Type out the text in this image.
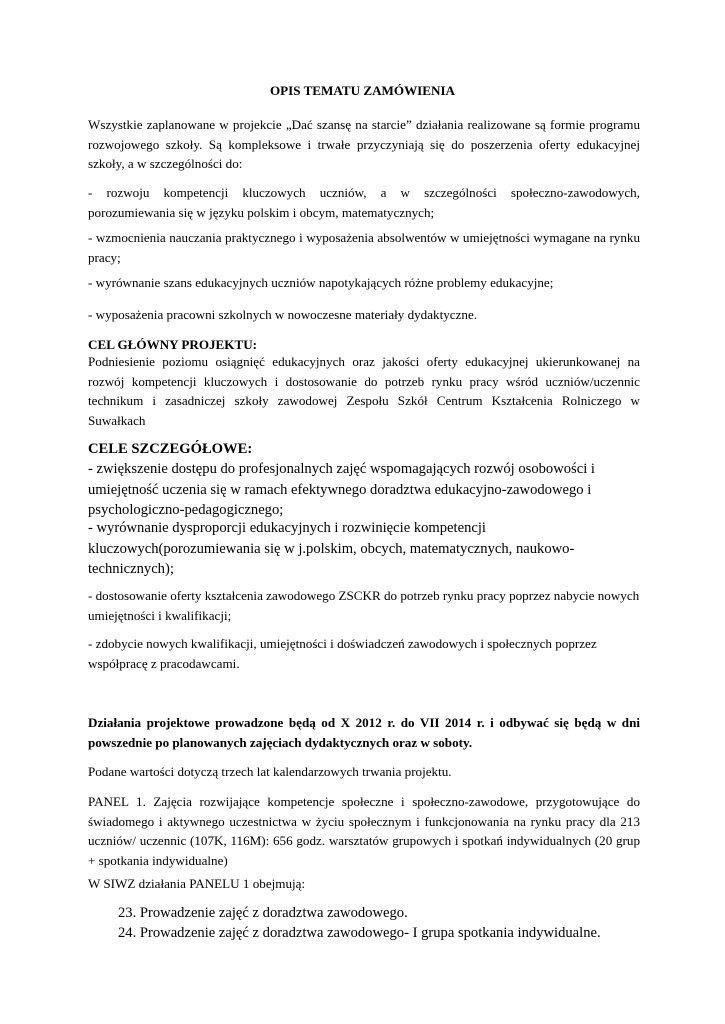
OPIS TEMATU ZAMÓWIENIA

Wszystkie zaplanowane w projekcie „Dać szansę na starcie” działania realizowane są formie programu rozwojowego szkoły. Są kompleksowe i trwałe przyczyniają się do poszerzenia oferty edukacyjnej szkoły, a w szczególności do:

- rozwoju kompetencji kluczowych uczniów, a w szczególności społeczno-zawodowych, porozumiewania się w języku polskim i obcym, matematycznych;

- wzmocnienia nauczania praktycznego i wyposażenia absolwentów w umiejętności wymagane na rynku pracy;

- wyrównanie szans edukacyjnych uczniów napotykających różne problemy edukacyjne;

- wyposażenia pracowni szkolnych w nowoczesne materiały dydaktyczne.

CEL GŁÓWNY PROJEKTU:

Podniesienie poziomu osiągnięć edukacyjnych oraz jakości oferty edukacyjnej ukierunkowanej na rozwój kompetencji kluczowych i dostosowanie do potrzeb rynku pracy wśród uczniów/uczennic technikum i zasadniczej szkoły zawodowej Zespołu Szkół Centrum Kształcenia Rolniczego w Suwałkach

CELE SZCZEGÓŁOWE:

- zwiększenie dostępu do profesjonalnych zajęć wspomagających rozwój osobowości i umiejętność uczenia się w ramach efektywnego doradztwa edukacyjno-zawodowego i psychologiczno-pedagogicznego;

- wyrównanie dysproporcji edukacyjnych i rozwinięcie kompetencji kluczowych(porozumiewania się w j.polskim, obcych, matematycznych, naukowo-technicznych);

- dostosowanie oferty kształcenia zawodowego ZSCKR do potrzeb rynku pracy poprzez nabycie nowych umiejętności i kwalifikacji;

- zdobycie nowych kwalifikacji, umiejętności i doświadczeń zawodowych i społecznych poprzez współpracę z pracodawcami.

Działania projektowe prowadzone będą od X 2012 r. do VII 2014 r. i odbywać się będą w dni powszednie po planowanych zajęciach dydaktycznych oraz w soboty.

Podane wartości dotyczą trzech lat kalendarzowych trwania projektu.

PANEL 1. Zajęcia rozwijające kompetencje społeczne i społeczno-zawodowe, przygotowujące do świadomego i aktywnego uczestnictwa w życiu społecznym i funkcjonowania na rynku pracy dla 213 uczniów/ uczennic (107K, 116M): 656 godz. warsztatów grupowych i spotkań indywidualnych (20 grup + spotkania indywidualne)

W SIWZ działania PANELU 1 obejmują:

23. Prowadzenie zajęć z doradztwa zawodowego.
24. Prowadzenie zajęć z doradztwa zawodowego- I grupa spotkania indywidualne.
